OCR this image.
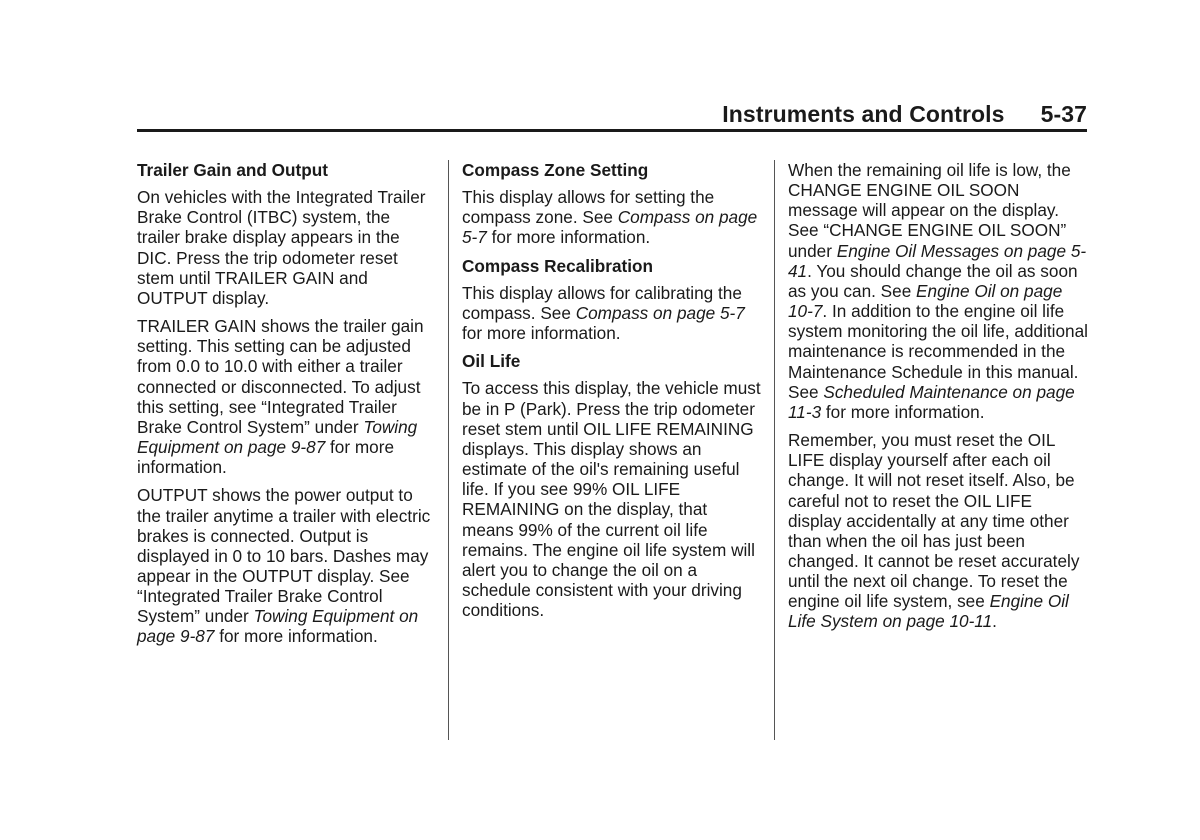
Instruments and Controls 5-37
Trailer Gain and Output

On vehicles with the Integrated Trailer Brake Control (ITBC) system, the trailer brake display appears in the DIC. Press the trip odometer reset stem until TRAILER GAIN and OUTPUT display.

TRAILER GAIN shows the trailer gain setting. This setting can be adjusted from 0.0 to 10.0 with either a trailer connected or disconnected. To adjust this setting, see “Integrated Trailer Brake Control System” under Towing Equipment on page 9-87 for more information.

OUTPUT shows the power output to the trailer anytime a trailer with electric brakes is connected. Output is displayed in 0 to 10 bars. Dashes may appear in the OUTPUT display. See “Integrated Trailer Brake Control System” under Towing Equipment on page 9-87 for more information.

Compass Zone Setting

This display allows for setting the compass zone. See Compass on page 5-7 for more information.

Compass Recalibration

This display allows for calibrating the compass. See Compass on page 5-7 for more information.

Oil Life

To access this display, the vehicle must be in P (Park). Press the trip odometer reset stem until OIL LIFE REMAINING displays. This display shows an estimate of the oil's remaining useful life. If you see 99% OIL LIFE REMAINING on the display, that means 99% of the current oil life remains. The engine oil life system will alert you to change the oil on a schedule consistent with your driving conditions.

When the remaining oil life is low, the CHANGE ENGINE OIL SOON message will appear on the display. See “CHANGE ENGINE OIL SOON” under Engine Oil Messages on page 5-41. You should change the oil as soon as you can. See Engine Oil on page 10-7. In addition to the engine oil life system monitoring the oil life, additional maintenance is recommended in the Maintenance Schedule in this manual. See Scheduled Maintenance on page 11-3 for more information.

Remember, you must reset the OIL LIFE display yourself after each oil change. It will not reset itself. Also, be careful not to reset the OIL LIFE display accidentally at any time other than when the oil has just been changed. It cannot be reset accurately until the next oil change. To reset the engine oil life system, see Engine Oil Life System on page 10-11.
